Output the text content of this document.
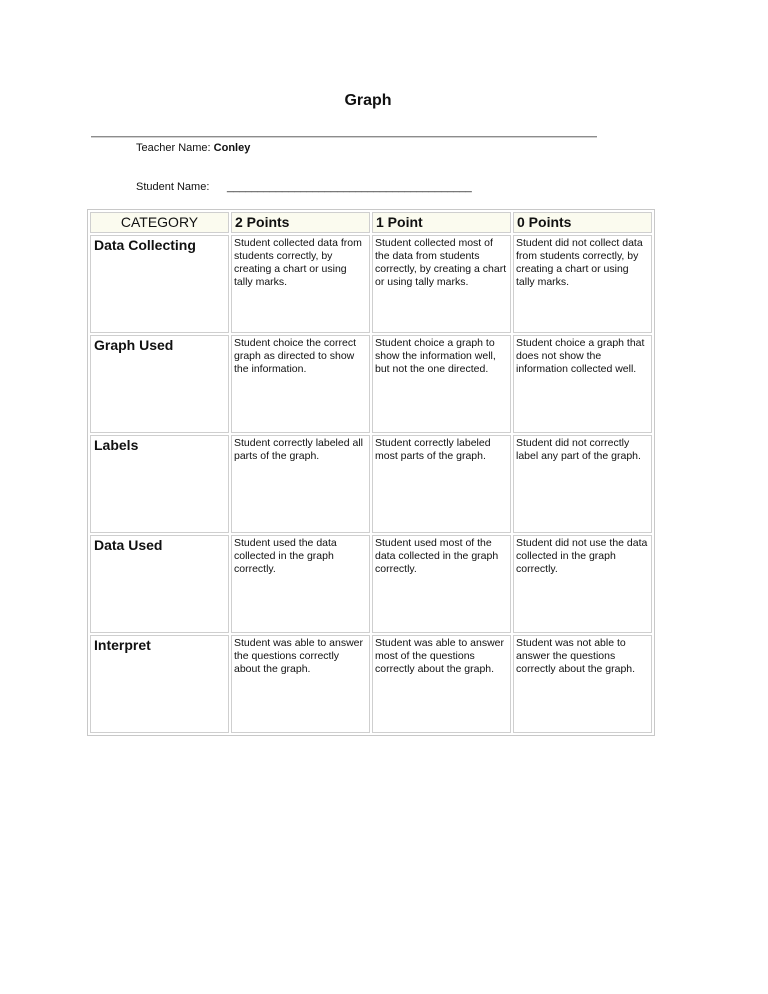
Graph
Teacher Name: Conley
Student Name: ________________________________________
CATEGORY	2 Points	1 Point	0 Points
Data Collecting	Student collected data from students correctly, by creating a chart or using tally marks.	Student collected most of the data from students correctly, by creating a chart or using tally marks.	Student did not collect data from students correctly, by creating a chart or using tally marks.
Graph Used	Student choice the correct graph as directed to show the information.	Student choice a graph to show the information well, but not the one directed.	Student choice a graph that does not show the information collected well.
Labels	Student correctly labeled all parts of the graph.	Student correctly labeled most parts of the graph.	Student did not correctly label any part of the graph.
Data Used	Student used the data collected in the graph correctly.	Student used most of the data collected in the graph correctly.	Student did not use the data collected in the graph correctly.
Interpret	Student was able to answer the questions correctly about the graph.	Student was able to answer most of the questions correctly about the graph.	Student was not able to answer the questions correctly about the graph.
